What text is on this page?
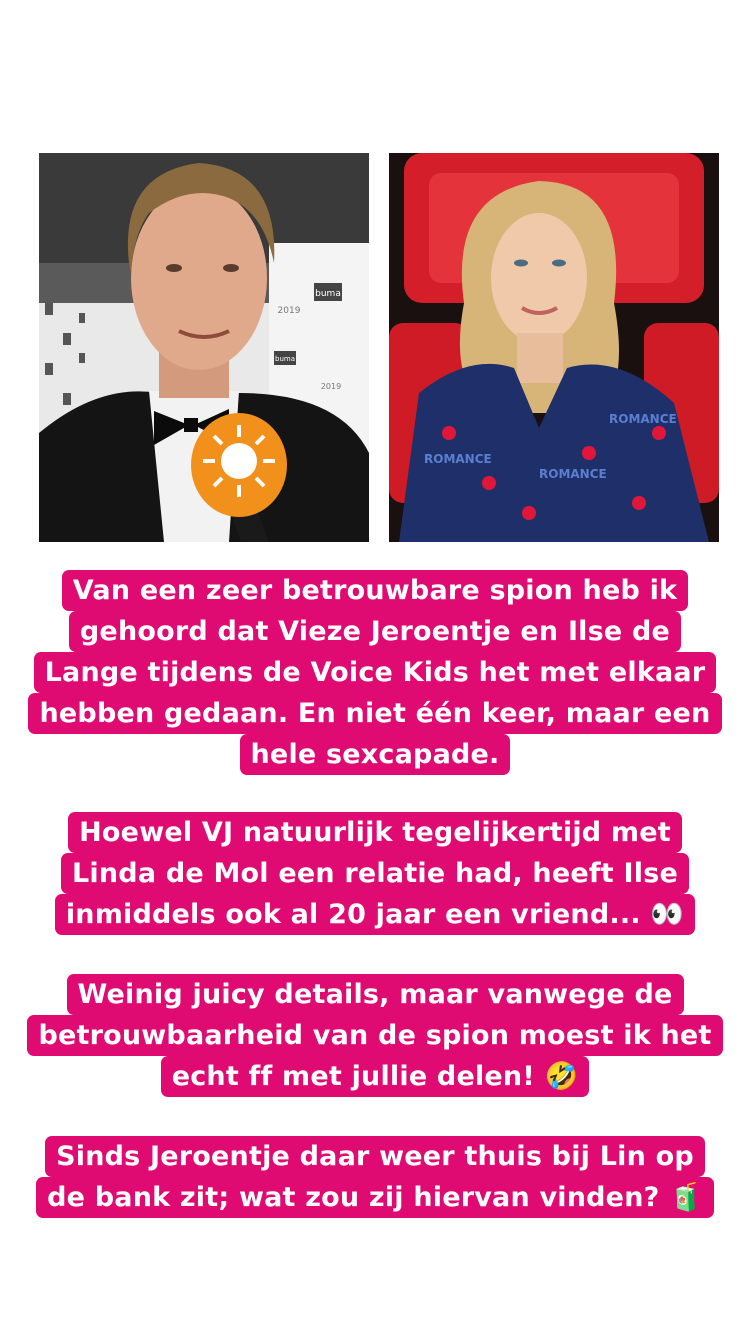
buma
2019
buma
2019
ROMANCE
ROMANCE
ROMANCE
Van een zeer betrouwbare spion heb ik
gehoord dat Vieze Jeroentje en Ilse de
Lange tijdens de Voice Kids het met elkaar
hebben gedaan. En niet één keer, maar een
hele sexcapade.
Hoewel VJ natuurlijk tegelijkertijd met
Linda de Mol een relatie had, heeft Ilse
inmiddels ook al 20 jaar een vriend... 👀
Weinig juicy details, maar vanwege de
betrouwbaarheid van de spion moest ik het
echt ff met jullie delen! 🤣
Sinds Jeroentje daar weer thuis bij Lin op
de bank zit; wat zou zij hiervan vinden? 🧃
